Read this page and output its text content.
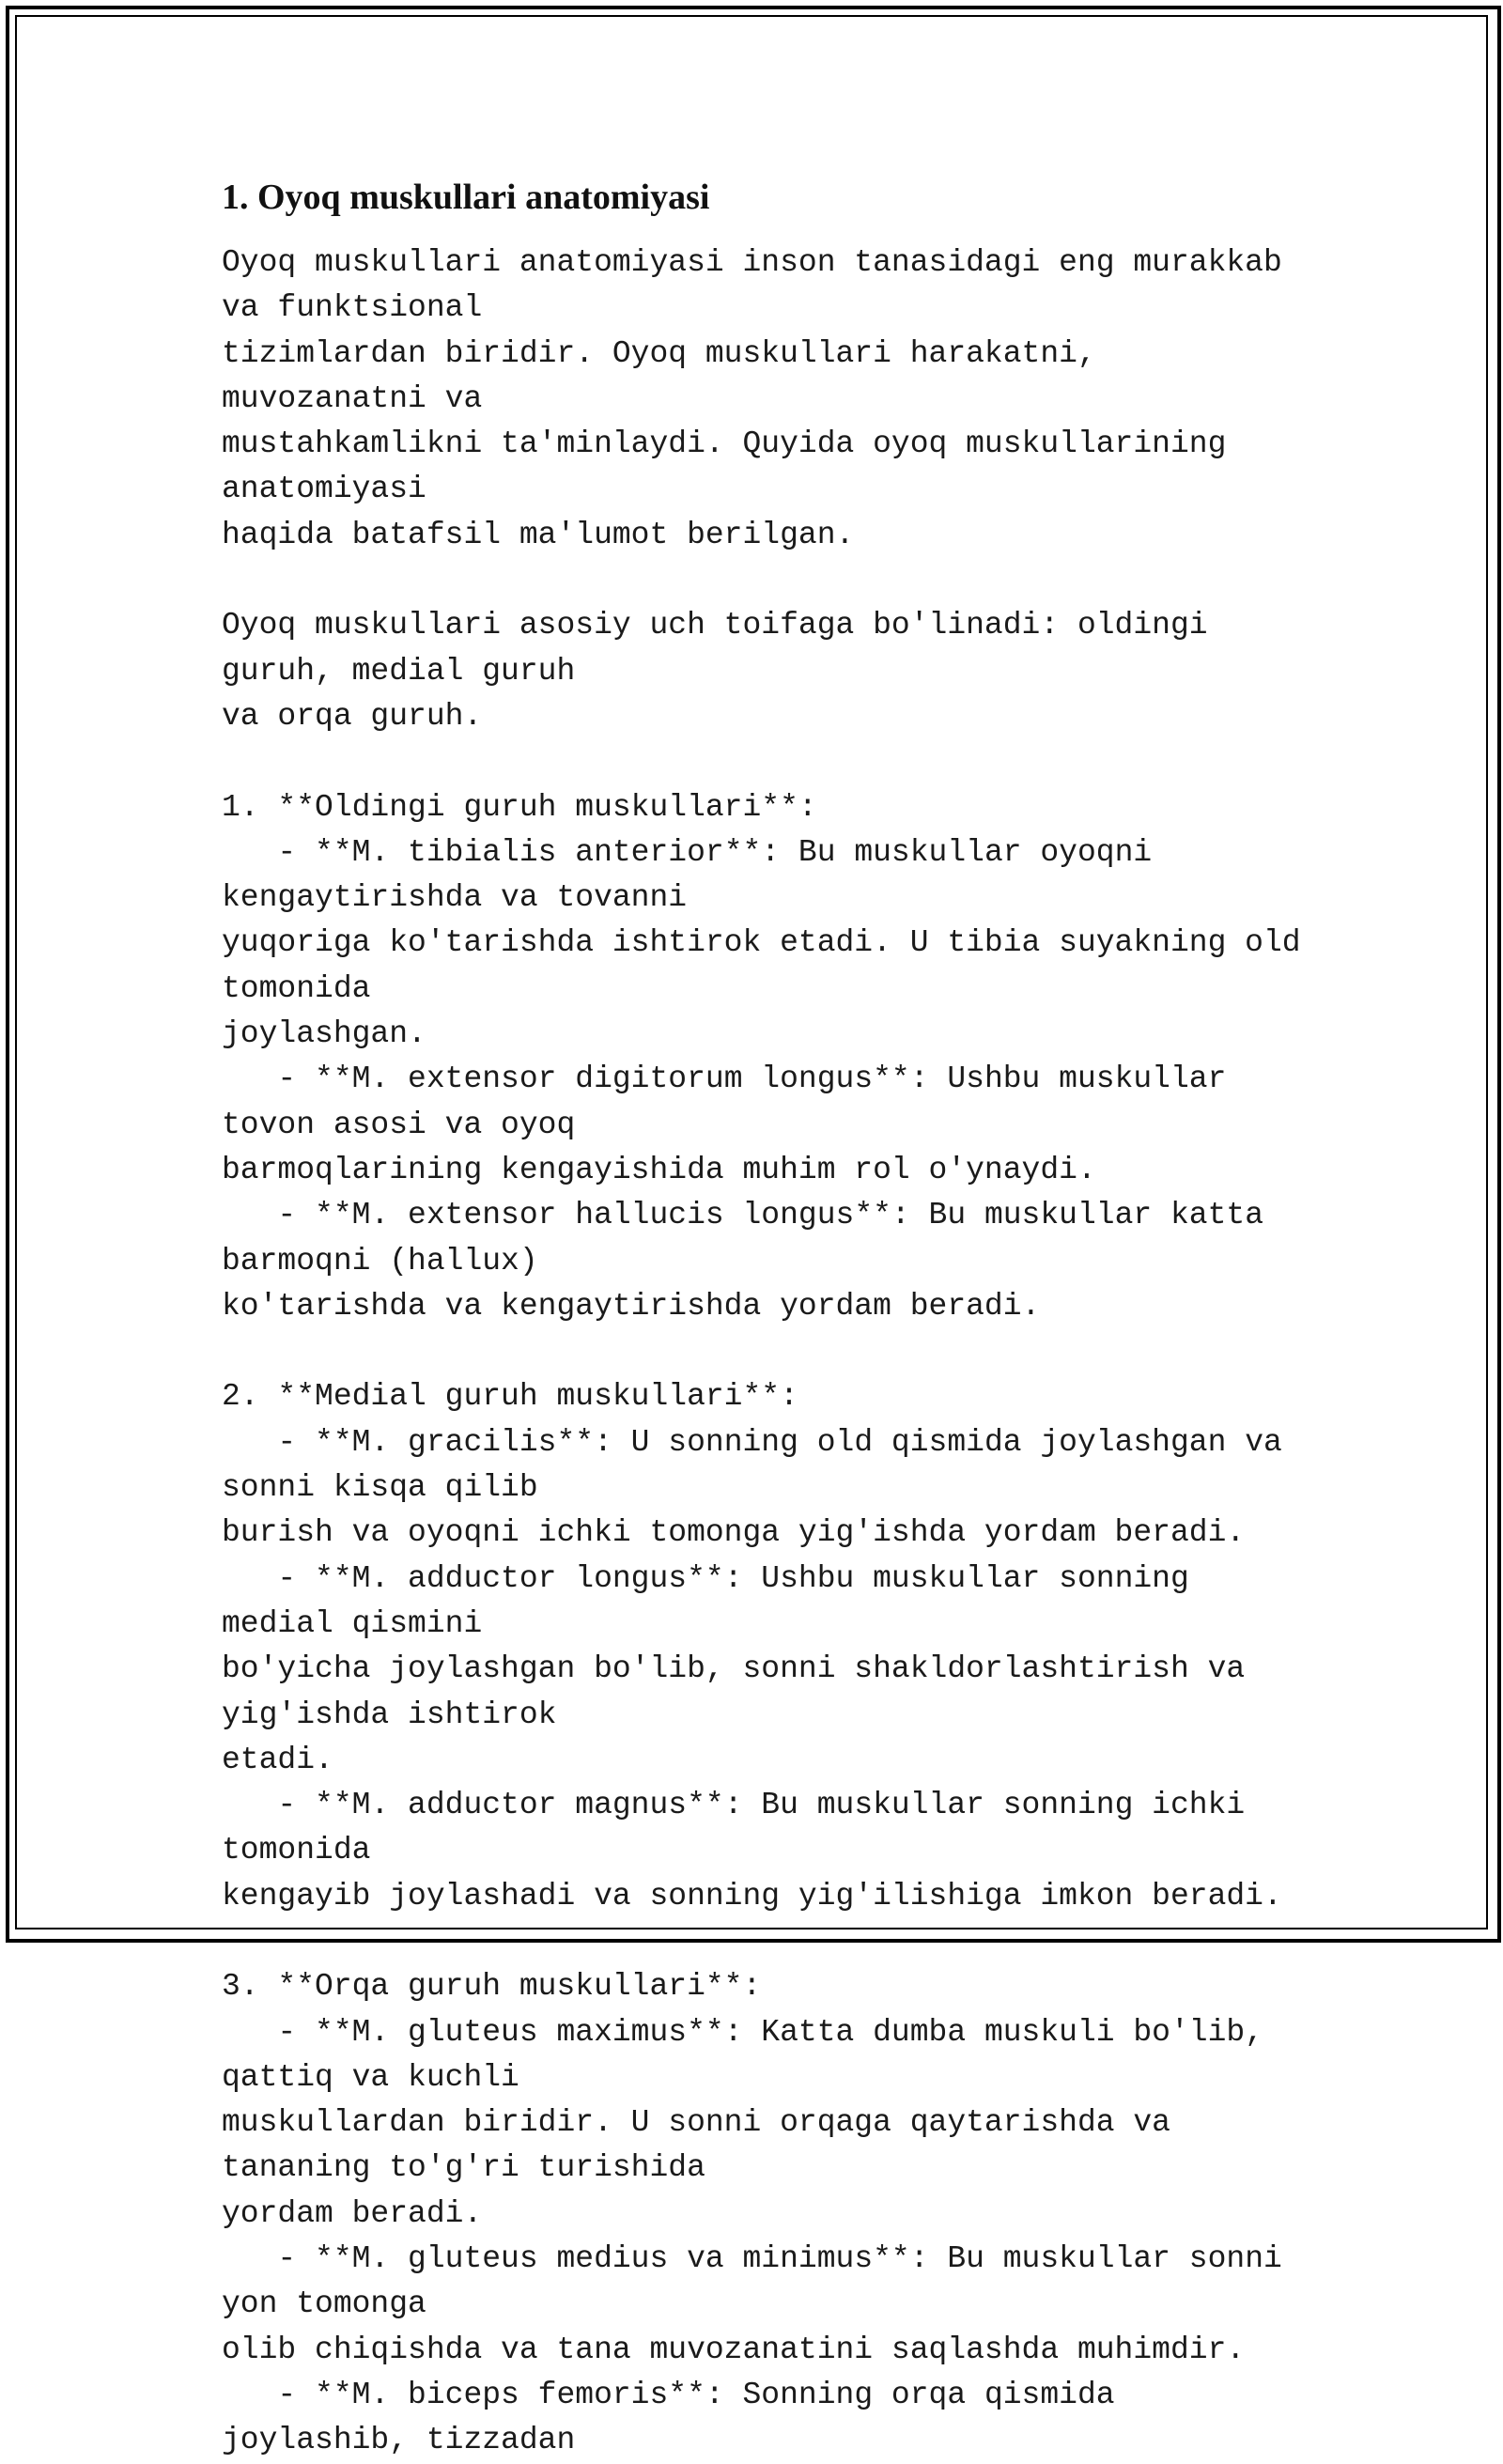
1. Oyoq muskullari anatomiyasi
Oyoq muskullari anatomiyasi inson tanasidagi eng murakkab va funktsional
tizimlardan biridir. Oyoq muskullari harakatni, muvozanatni va
mustahkamlikni ta'minlaydi. Quyida oyoq muskullarining anatomiyasi
haqida batafsil ma'lumot berilgan.

Oyoq muskullari asosiy uch toifaga bo'linadi: oldingi guruh, medial guruh
va orqa guruh.

1. **Oldingi guruh muskullari**:
- **M. tibialis anterior**: Bu muskullar oyoqni kengaytirishda va tovanni
yuqoriga ko'tarishda ishtirok etadi. U tibia suyakning old tomonida
joylashgan.
- **M. extensor digitorum longus**: Ushbu muskullar tovon asosi va oyoq
barmoqlarining kengayishida muhim rol o'ynaydi.
- **M. extensor hallucis longus**: Bu muskullar katta barmoqni (hallux)
ko'tarishda va kengaytirishda yordam beradi.

2. **Medial guruh muskullari**:
- **M. gracilis**: U sonning old qismida joylashgan va sonni kisqa qilib
burish va oyoqni ichki tomonga yig'ishda yordam beradi.
- **M. adductor longus**: Ushbu muskullar sonning medial qismini
bo'yicha joylashgan bo'lib, sonni shakldorlashtirish va yig'ishda ishtirok
etadi.
- **M. adductor magnus**: Bu muskullar sonning ichki tomonida
kengayib joylashadi va sonning yig'ilishiga imkon beradi.

3. **Orqa guruh muskullari**:
- **M. gluteus maximus**: Katta dumba muskuli bo'lib, qattiq va kuchli
muskullardan biridir. U sonni orqaga qaytarishda va tananing to'g'ri turishida
yordam beradi.
- **M. gluteus medius va minimus**: Bu muskullar sonni yon tomonga
olib chiqishda va tana muvozanatini saqlashda muhimdir.
- **M. biceps femoris**: Sonning orqa qismida joylashib, tizzadan
